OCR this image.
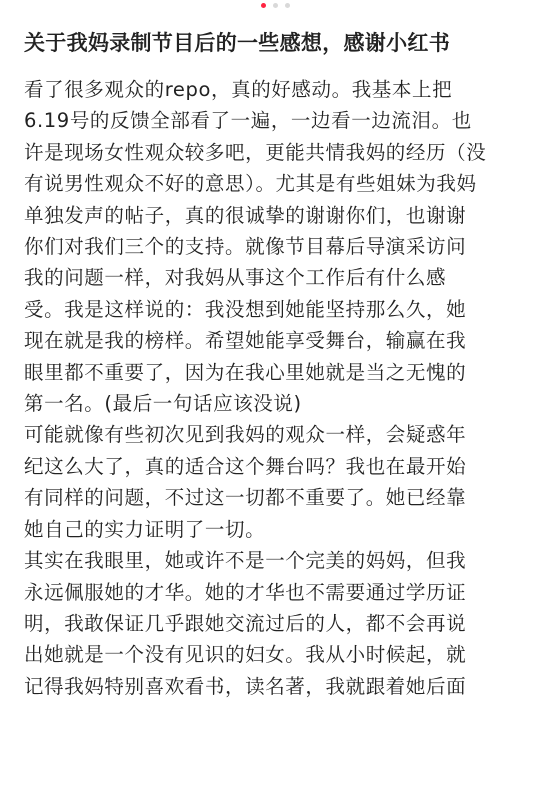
关于我妈录制节目后的一些感想，感谢小红书

看了很多观众的repo，真的好感动。我基本上把
6.19号的反馈全部看了一遍，一边看一边流泪。也
许是现场女性观众较多吧，更能共情我妈的经历（没
有说男性观众不好的意思）。尤其是有些姐妹为我妈
单独发声的帖子，真的很诚挚的谢谢你们，也谢谢
你们对我们三个的支持。就像节目幕后导演采访问
我的问题一样，对我妈从事这个工作后有什么感
受。我是这样说的：我没想到她能坚持那么久，她
现在就是我的榜样。希望她能享受舞台，输赢在我
眼里都不重要了，因为在我心里她就是当之无愧的
第一名。(最后一句话应该没说)

可能就像有些初次见到我妈的观众一样，会疑惑年
纪这么大了，真的适合这个舞台吗？我也在最开始
有同样的问题，不过这一切都不重要了。她已经靠
她自己的实力证明了一切。

其实在我眼里，她或许不是一个完美的妈妈，但我
永远佩服她的才华。她的才华也不需要通过学历证
明，我敢保证几乎跟她交流过后的人，都不会再说
出她就是一个没有见识的妇女。我从小时候起，就
记得我妈特别喜欢看书，读名著，我就跟着她后面
